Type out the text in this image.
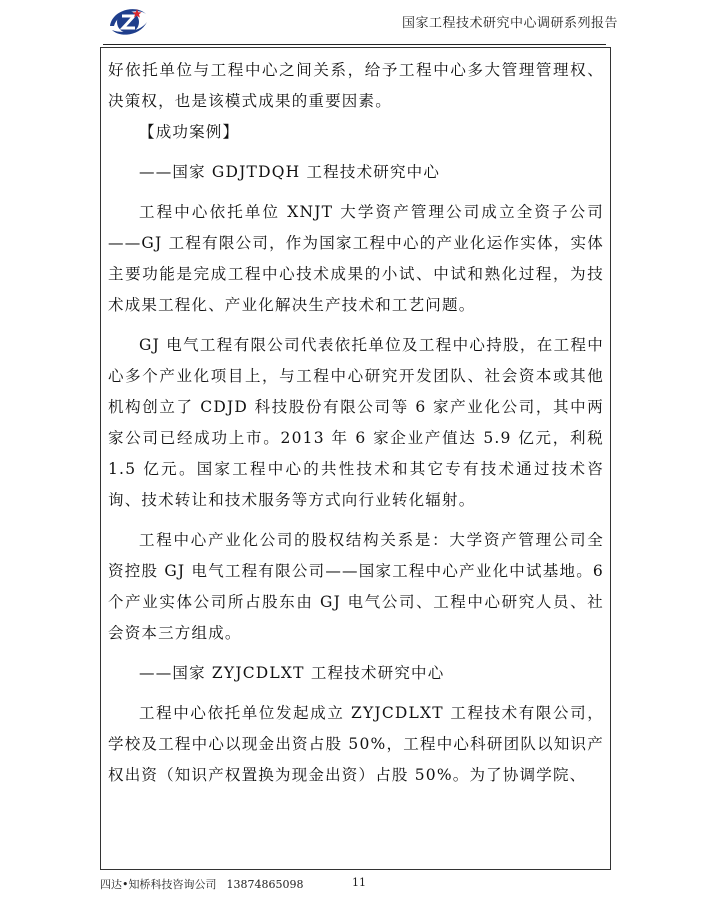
国家工程技术研究中心调研系列报告

好依托单位与工程中心之间关系，给予工程中心多大管理管理权、决策权，也是该模式成果的重要因素。

【成功案例】

——国家 GDJTDQH 工程技术研究中心

工程中心依托单位 XNJT 大学资产管理公司成立全资子公司——GJ 工程有限公司，作为国家工程中心的产业化运作实体，实体主要功能是完成工程中心技术成果的小试、中试和熟化过程，为技术成果工程化、产业化解决生产技术和工艺问题。

GJ 电气工程有限公司代表依托单位及工程中心持股，在工程中心多个产业化项目上，与工程中心研究开发团队、社会资本或其他机构创立了 CDJD 科技股份有限公司等 6 家产业化公司，其中两家公司已经成功上市。2013 年 6 家企业产值达 5.9 亿元，利税 1.5 亿元。国家工程中心的共性技术和其它专有技术通过技术咨询、技术转让和技术服务等方式向行业转化辐射。

工程中心产业化公司的股权结构关系是：大学资产管理公司全资控股 GJ 电气工程有限公司——国家工程中心产业化中试基地。6 个产业实体公司所占股东由 GJ 电气公司、工程中心研究人员、社会资本三方组成。

——国家 ZYJCDLXT 工程技术研究中心

工程中心依托单位发起成立 ZYJCDLXT 工程技术有限公司，学校及工程中心以现金出资占股 50%，工程中心科研团队以知识产权出资（知识产权置换为现金出资）占股 50%。为了协调学院、

四达•知桥科技咨询公司 13874865098	11
